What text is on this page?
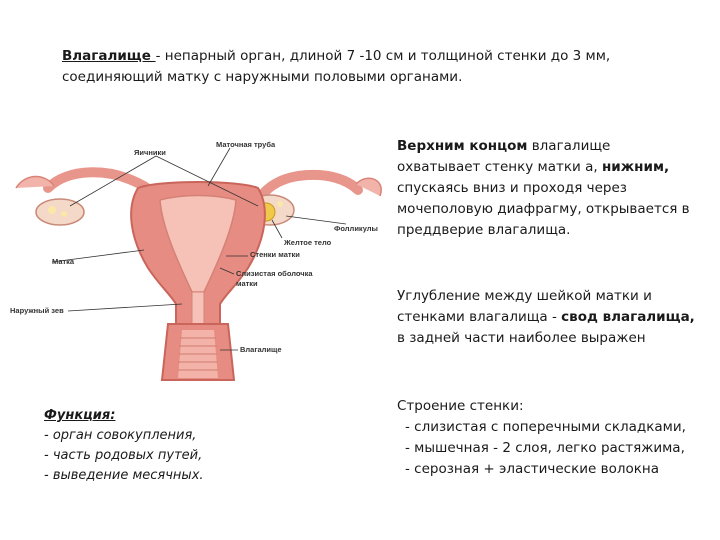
Влагалище - непарный орган, длиной 7 -10 см и толщиной стенки до 3 мм, соединяющий матку с наружными половыми органами.
Маточная труба
Яичники
Фолликулы
Желтое тело
Матка
Стенки матки
Слизистая оболочка
матки
Наружный зев
Влагалище
Верхним концом влагалище охватывает стенку матки а, нижним, спускаясь вниз и проходя через мочеполовую диафрагму, открывается в преддверие влагалища.
Углубление между шейкой матки и стенками влагалища - свод влагалища, в задней части наиболее выражен
Строение стенки:
- слизистая с поперечными складками,
- мышечная - 2 слоя, легко растяжима,
- серозная + эластические волокна
Функция:
- орган совокупления,
- часть родовых путей,
- выведение месячных.
